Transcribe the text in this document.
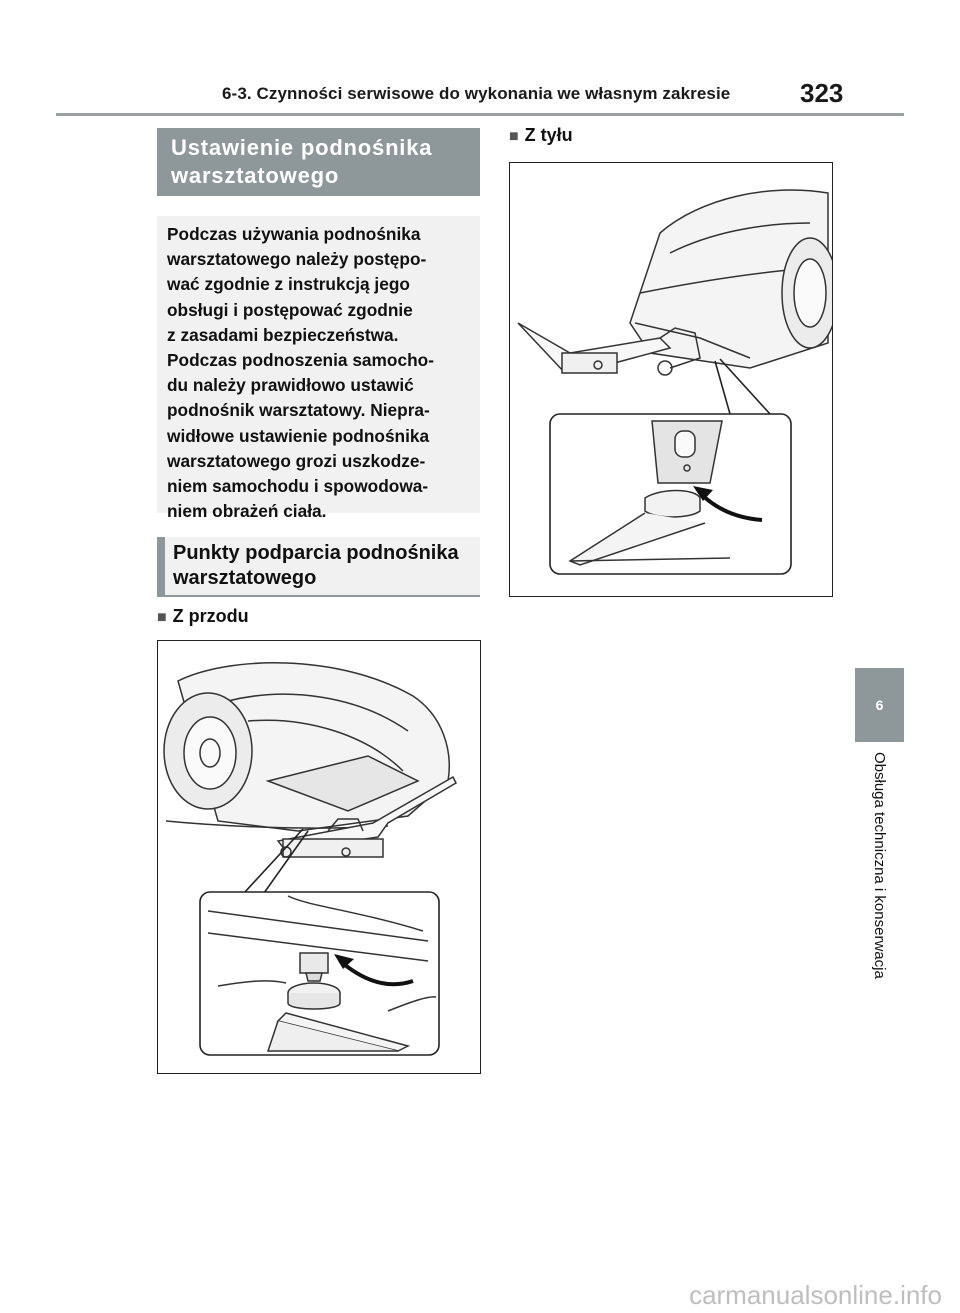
6-3. Czynności serwisowe do wykonania we własnym zakresie	323
Ustawienie podnośnika warsztatowego
Podczas używania podnośnika
warsztatowego należy postępo-
wać zgodnie z instrukcją jego
obsługi i postępować zgodnie
z zasadami bezpieczeństwa.
Podczas podnoszenia samocho-
du należy prawidłowo ustawić
podnośnik warsztatowy. Niepra-
widłowe ustawienie podnośnika
warsztatowego grozi uszkodze-
niem samochodu i spowodowa-
niem obrażeń ciała.
Punkty podparcia podnośnika
warsztatowego
■ Z przodu
■ Z tyłu
6
Obsługa techniczna i konserwacja
carmanualsonline.info
